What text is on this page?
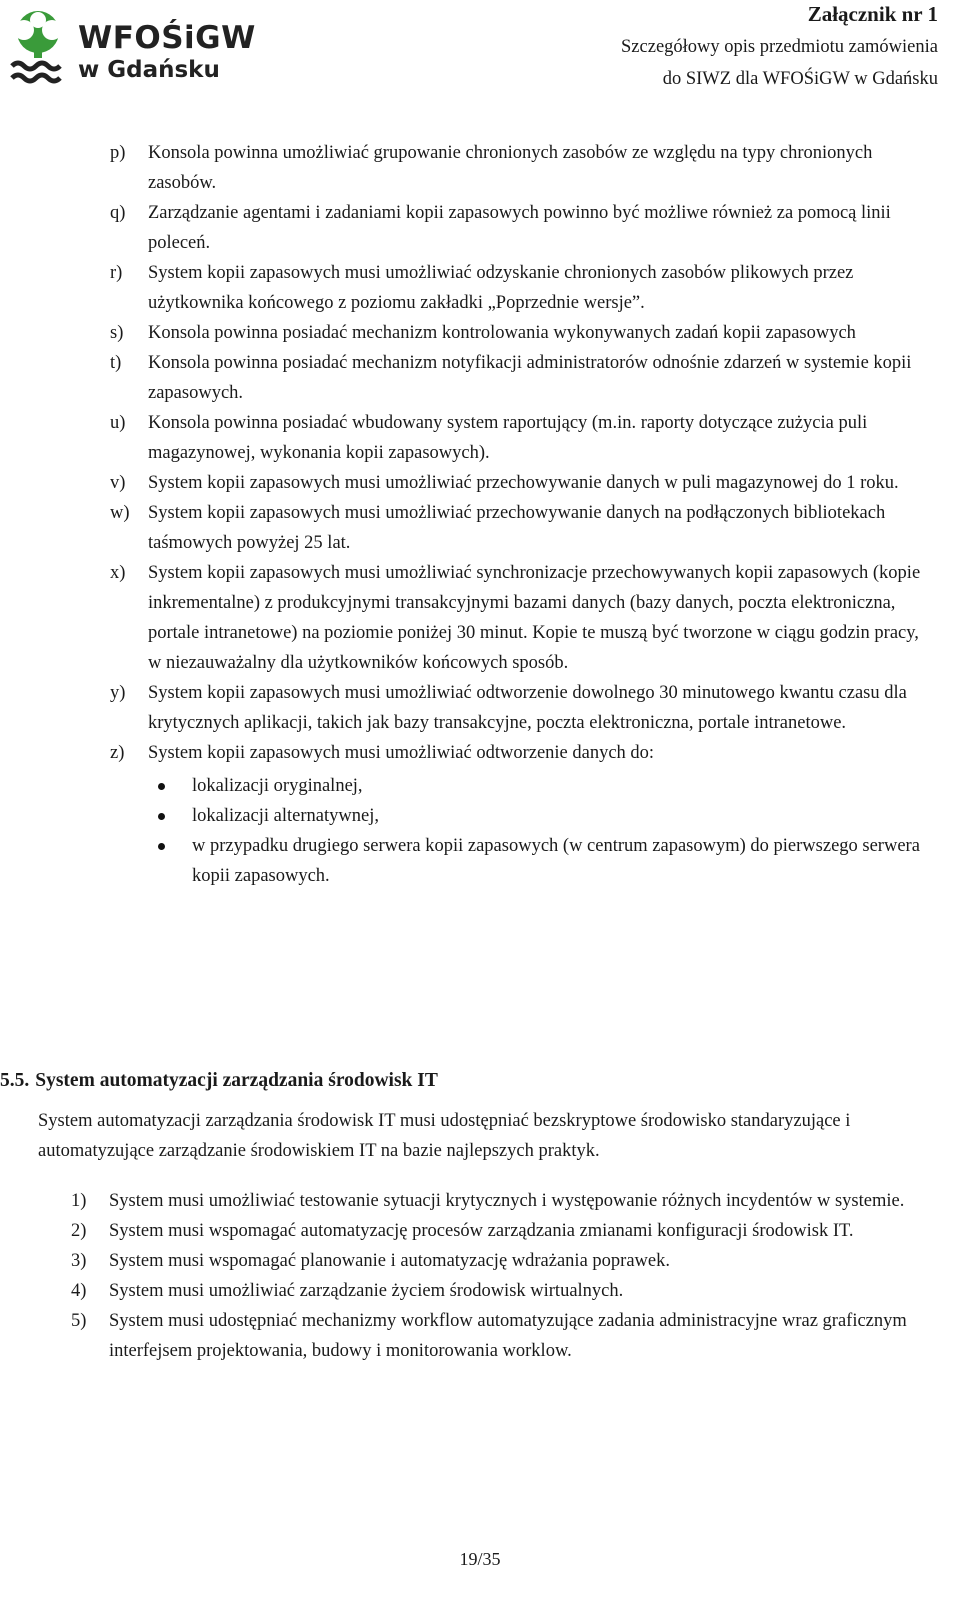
WFOŚiGW
w Gdańsku
Załącznik nr 1
Szczegółowy opis przedmiotu zamówienia
do SIWZ dla WFOŚiGW w Gdańsku
p) Konsola powinna umożliwiać grupowanie chronionych zasobów ze względu na typy chronionych zasobów.
q) Zarządzanie agentami i zadaniami kopii zapasowych powinno być możliwe również za pomocą linii poleceń.
r) System kopii zapasowych musi umożliwiać odzyskanie chronionych zasobów plikowych przez użytkownika końcowego z poziomu zakładki „Poprzednie wersje”.
s) Konsola powinna posiadać mechanizm kontrolowania wykonywanych zadań kopii zapasowych
t) Konsola powinna posiadać mechanizm notyfikacji administratorów odnośnie zdarzeń w systemie kopii zapasowych.
u) Konsola powinna posiadać wbudowany system raportujący (m.in. raporty dotyczące zużycia puli magazynowej, wykonania kopii zapasowych).
v) System kopii zapasowych musi umożliwiać przechowywanie danych w puli magazynowej do 1 roku.
w) System kopii zapasowych musi umożliwiać przechowywanie danych na podłączonych bibliotekach taśmowych powyżej 25 lat.
x) System kopii zapasowych musi umożliwiać synchronizacje przechowywanych kopii zapasowych (kopie inkrementalne) z produkcyjnymi transakcyjnymi bazami danych (bazy danych, poczta elektroniczna, portale intranetowe) na poziomie poniżej 30 minut. Kopie te muszą być tworzone w ciągu godzin pracy, w niezauważalny dla użytkowników końcowych sposób.
y) System kopii zapasowych musi umożliwiać odtworzenie dowolnego 30 minutowego kwantu czasu dla krytycznych aplikacji, takich jak bazy transakcyjne, poczta elektroniczna, portale intranetowe.
z) System kopii zapasowych musi umożliwiać odtworzenie danych do:
lokalizacji oryginalnej,
lokalizacji alternatywnej,
w przypadku drugiego serwera kopii zapasowych (w centrum zapasowym) do pierwszego serwera kopii zapasowych.
5.5. System automatyzacji zarządzania środowisk IT
System automatyzacji zarządzania środowisk IT musi udostępniać bezskryptowe środowisko standaryzujące i automatyzujące zarządzanie środowiskiem IT na bazie najlepszych praktyk.
1) System musi umożliwiać testowanie sytuacji krytycznych i występowanie różnych incydentów w systemie.
2) System musi wspomagać automatyzację procesów zarządzania zmianami konfiguracji środowisk IT.
3) System musi wspomagać planowanie i automatyzację wdrażania poprawek.
4) System musi umożliwiać zarządzanie życiem środowisk wirtualnych.
5) System musi udostępniać mechanizmy workflow automatyzujące zadania administracyjne wraz graficznym interfejsem projektowania, budowy i monitorowania worklow.
19/35
